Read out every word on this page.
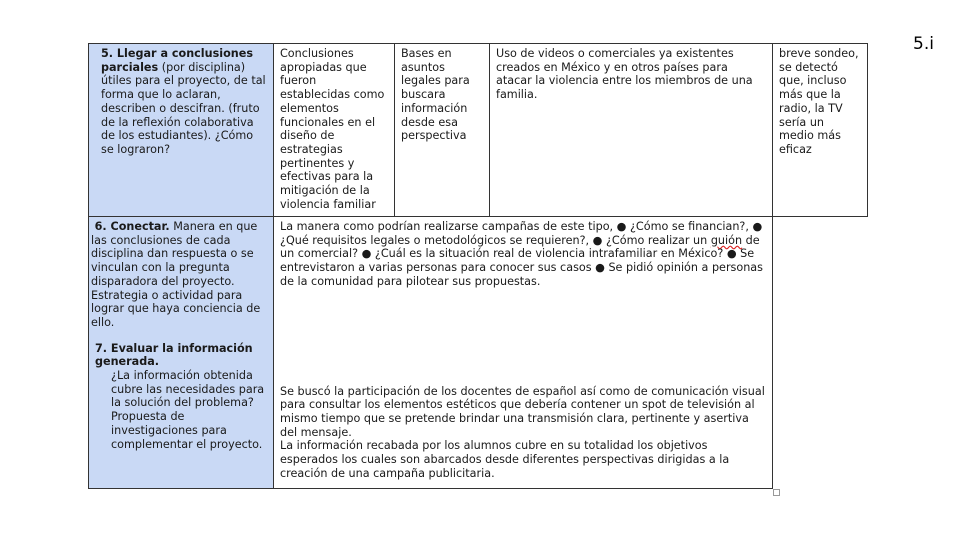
5.i

5. Llegar a conclusiones parciales (por disciplina) útiles para el proyecto, de tal forma que lo aclaran, describen o descifran. (fruto de la reflexión colaborativa de los estudiantes). ¿Cómo se lograron?

Conclusiones apropiadas que fueron establecidas como elementos funcionales en el diseño de estrategias pertinentes y efectivas para la mitigación de la violencia familiar

Bases en asuntos legales para buscara información desde esa perspectiva

Uso de videos o comerciales ya existentes creados en México y en otros países para atacar la violencia entre los miembros de una familia.

breve sondeo, se detectó que, incluso más que la radio, la TV sería un medio más eficaz

6. Conectar. Manera en que las conclusiones de cada disciplina dan respuesta o se vinculan con la pregunta disparadora del proyecto. Estrategia o actividad para lograr que haya conciencia de ello.

7. Evaluar la información generada.

¿La información obtenida cubre las necesidades para la solución del problema?

Propuesta de investigaciones para complementar el proyecto.

La manera como podrían realizarse campañas de este tipo, ● ¿Cómo se financian?, ● ¿Qué requisitos legales o metodológicos se requieren?, ● ¿Cómo realizar un guión de un comercial? ● ¿Cuál es la situación real de violencia intrafamiliar en México? ● Se entrevistaron a varias personas para conocer sus casos ● Se pidió opinión a personas de la comunidad para pilotear sus propuestas.

Se buscó la participación de los docentes de español así como de comunicación visual para consultar los elementos estéticos que debería contener un spot de televisión al mismo tiempo que se pretende brindar una transmisión clara, pertinente y asertiva del mensaje.

La información recabada por los alumnos cubre en su totalidad los objetivos esperados los cuales son abarcados desde diferentes perspectivas dirigidas a la creación de una campaña publicitaria.
